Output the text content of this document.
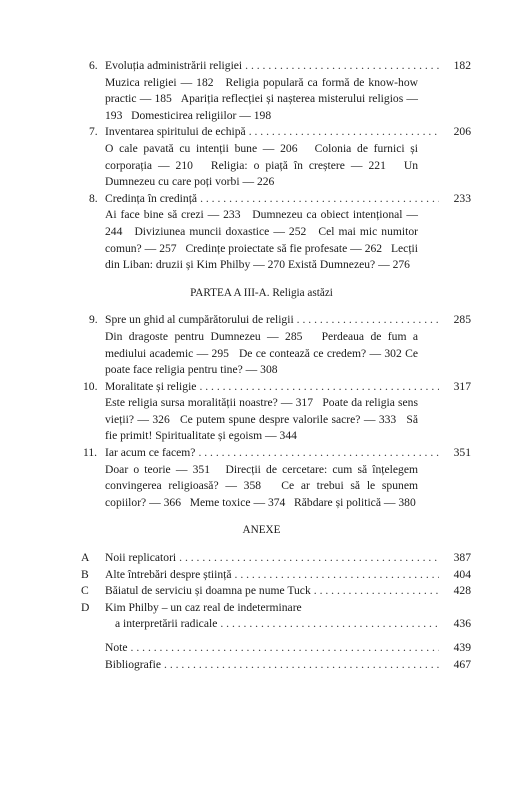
6. Evoluția administrării religiei . . .	182
Muzica religiei — 182 Religia populară ca formă de know-how practic — 185 Apariția reflecției și nașterea misterului religios — 193 Domesticirea religiilor — 198
7. Inventarea spiritului de echipă . . .	206
O cale pavată cu intenții bune — 206 Colonia de furnici și corporația — 210 Religia: o piață în creștere — 221 Un Dumnezeu cu care poți vorbi — 226
8. Credința în credință . . .	233
Ai face bine să crezi — 233 Dumnezeu ca obiect intențional — 244 Diviziunea muncii doxastice — 252 Cel mai mic numitor comun? — 257 Credințe proiectate să fie profesate — 262 Lecții din Liban: druzii și Kim Philby — 270 Există Dumnezeu? — 276
PARTEA A III-A. Religia astăzi
9. Spre un ghid al cumpărătorului de religii . . .	285
Din dragoste pentru Dumnezeu — 285 Perdeaua de fum a mediului academic — 295 De ce contează ce credem? — 302 Ce poate face religia pentru tine? — 308
10. Moralitate și religie . . .	317
Este religia sursa moralității noastre? — 317 Poate da religia sens vieții? — 326 Ce putem spune despre valorile sacre? — 333 Să fie primit! Spiritualitate și egoism — 344
11. Iar acum ce facem? . . .	351
Doar o teorie — 351 Direcții de cercetare: cum să înțelegem convingerea religioasă? — 358 Ce ar trebui să le spunem copiilor? — 366 Meme toxice — 374 Răbdare și politică — 380
ANEXE
A Noii replicatori . . .	387
B Alte întrebări despre știință . . .	404
C Băiatul de serviciu și doamna pe nume Tuck . . .	428
D Kim Philby – un caz real de indeterminare
a interpretării radicale . . .	436
Note . . .	439
Bibliografie . . .	467
